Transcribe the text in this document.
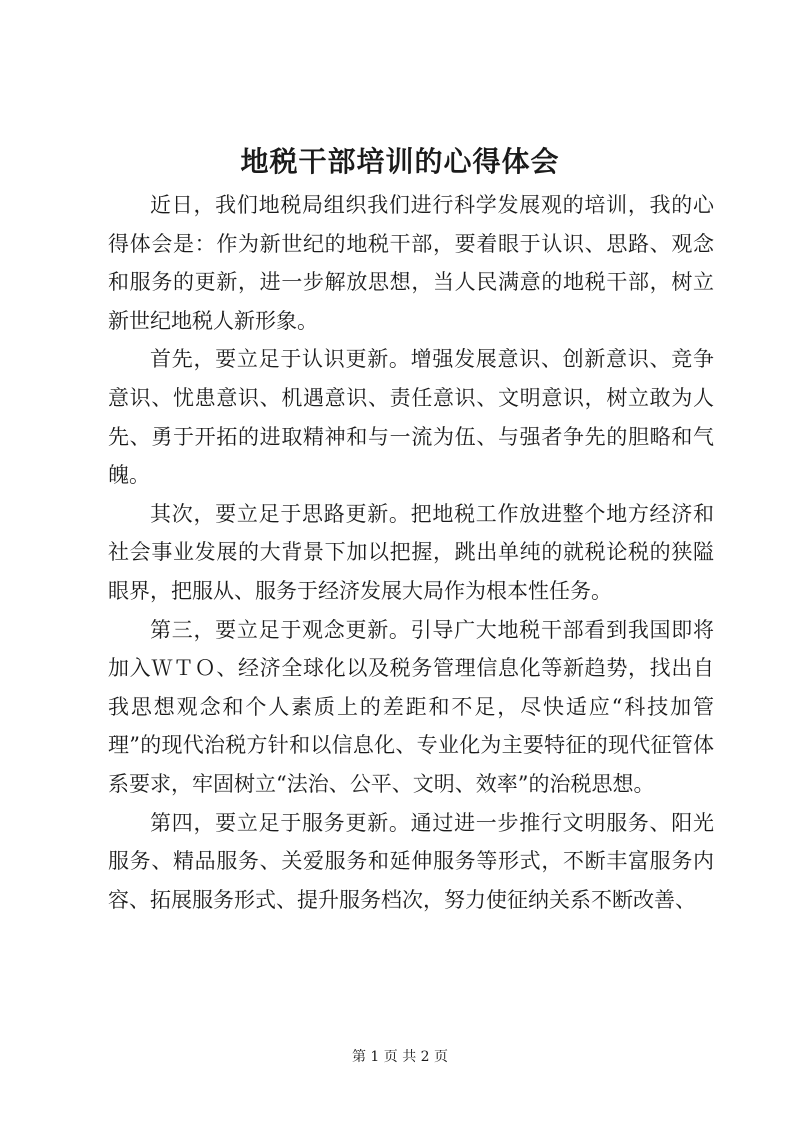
地税干部培训的心得体会

近日，我们地税局组织我们进行科学发展观的培训，我的心得体会是：作为新世纪的地税干部，要着眼于认识、思路、观念和服务的更新，进一步解放思想，当人民满意的地税干部，树立新世纪地税人新形象。

首先，要立足于认识更新。增强发展意识、创新意识、竞争意识、忧患意识、机遇意识、责任意识、文明意识，树立敢为人先、勇于开拓的进取精神和与一流为伍、与强者争先的胆略和气魄。

其次，要立足于思路更新。把地税工作放进整个地方经济和社会事业发展的大背景下加以把握，跳出单纯的就税论税的狭隘眼界，把服从、服务于经济发展大局作为根本性任务。

第三，要立足于观念更新。引导广大地税干部看到我国即将加入ＷＴＯ、经济全球化以及税务管理信息化等新趋势，找出自我思想观念和个人素质上的差距和不足，尽快适应“科技加管理”的现代治税方针和以信息化、专业化为主要特征的现代征管体系要求，牢固树立“法治、公平、文明、效率”的治税思想。

第四，要立足于服务更新。通过进一步推行文明服务、阳光服务、精品服务、关爱服务和延伸服务等形式，不断丰富服务内容、拓展服务形式、提升服务档次，努力使征纳关系不断改善、

第 1 页 共 2 页
